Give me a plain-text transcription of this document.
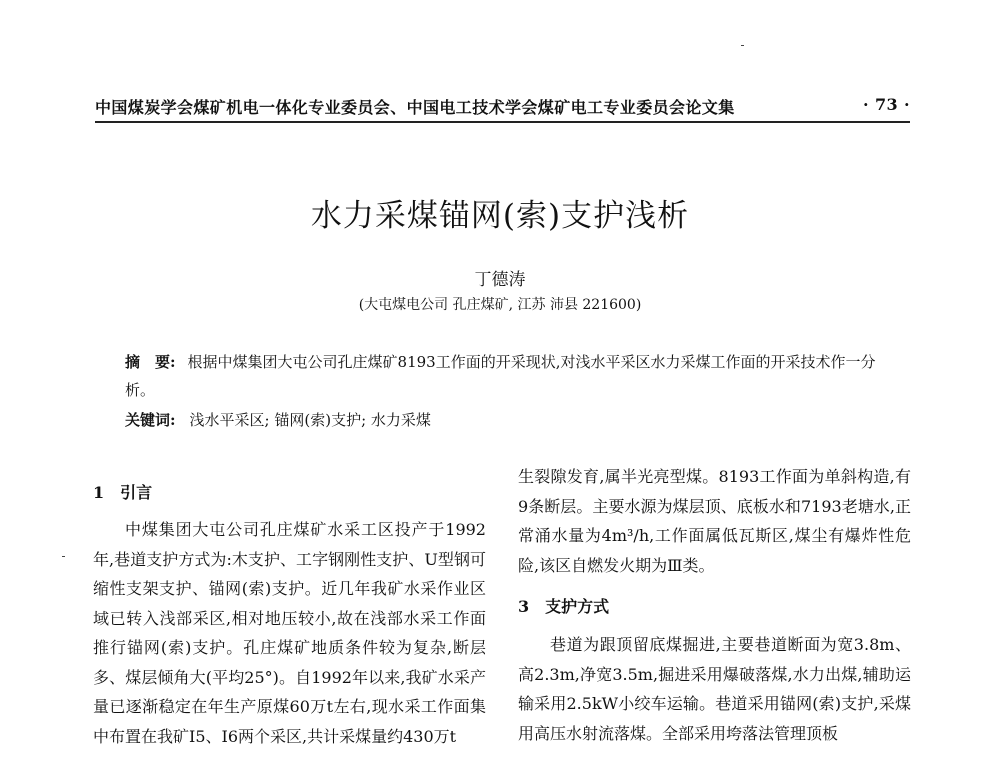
中国煤炭学会煤矿机电一体化专业委员会、中国电工技术学会煤矿电工专业委员会论文集	· 73 ·
水力采煤锚网(索)支护浅析
丁德涛
(大屯煤电公司 孔庄煤矿, 江苏 沛县 221600)
摘　要: 根据中煤集团大屯公司孔庄煤矿8193工作面的开采现状,对浅水平采区水力采煤工作面的开采技术作一分析。
关键词: 浅水平采区; 锚网(索)支护; 水力采煤
1　引言

中煤集团大屯公司孔庄煤矿水采工区投产于1992年,巷道支护方式为:木支护、工字钢刚性支护、U型钢可缩性支架支护、锚网(索)支护。近几年我矿水采作业区域已转入浅部采区,相对地压较小,故在浅部水采工作面推行锚网(索)支护。孔庄煤矿地质条件较为复杂,断层多、煤层倾角大(平均25°)。自1992年以来,我矿水采产量已逐渐稳定在年生产原煤60万t左右,现水采工作面集中布置在我矿Ⅰ5、Ⅰ6两个采区,共计采煤量约430万t

生裂隙发育,属半光亮型煤。8193工作面为单斜构造,有9条断层。主要水源为煤层顶、底板水和7193老塘水,正常涌水量为4m³/h,工作面属低瓦斯区,煤尘有爆炸性危险,该区自燃发火期为Ⅲ类。

3　支护方式

巷道为跟顶留底煤掘进,主要巷道断面为宽3.8m、高2.3m,净宽3.5m,掘进采用爆破落煤,水力出煤,辅助运输采用2.5kW小绞车运输。巷道采用锚网(索)支护,采煤用高压水射流落煤。全部采用垮落法管理顶板
